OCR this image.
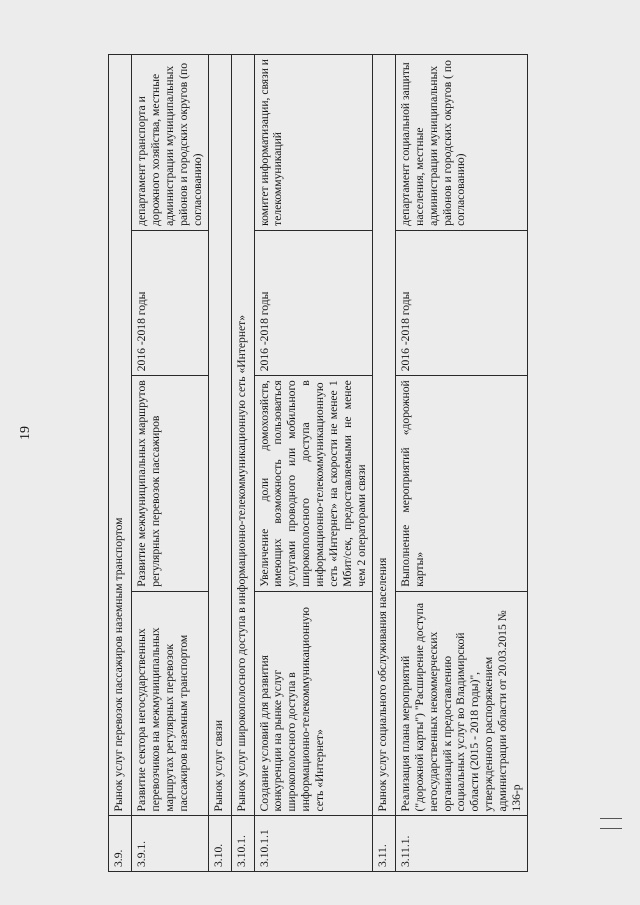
19
3.9.	Рынок услуг перевозок пассажиров наземным транспортом			
3.9.1.	Развитие сектора негосударственных перевозчиков на межмуниципальных маршрутах регулярных перевозок пассажиров наземным транспортом	Развитие межмуниципальных маршрутов регулярных перевозок пассажиров	2016 -2018 годы	департамент транспорта и дорожного хозяйства, местные администрации муниципальных районов и городских округов (по согласованию)
3.10.	Рынок услуг связи			
3.10.1.	Рынок услуг широкополосного доступа в информационно-телекоммуникационную сеть «Интернет»			
3.10.1.1	Создание условий для развития конкуренции на рынке услуг широкополосного доступа в информационно-телекоммуникационную сеть «Интернет»	Увеличение доли домохозяйств, имеющих возможность пользоваться услугами проводного или мобильного широкополосного доступа в информационно-телекоммуникационную сеть «Интернет» на скорости не менее 1 Мбит/сек, предоставляемыми не менее чем 2 операторами связи	2016 -2018 годы	комитет информатизации, связи и телекоммуникаций
3.11.	Рынок услуг социального обслуживания населения			
3.11.1.	Реализация плана мероприятий ("дорожной карты") "Расширение доступа негосударственных некоммерческих организаций к предоставлению социальных услуг во Владимирской области (2015 - 2018 годы)", утвержденного распоряжением администрации области от 20.03.2015 № 136-р	Выполнение мероприятий «дорожной карты»	2016 -2018 годы	департамент социальной защиты населения, местные администрации муниципальных районов и городских округов ( по согласованию)
